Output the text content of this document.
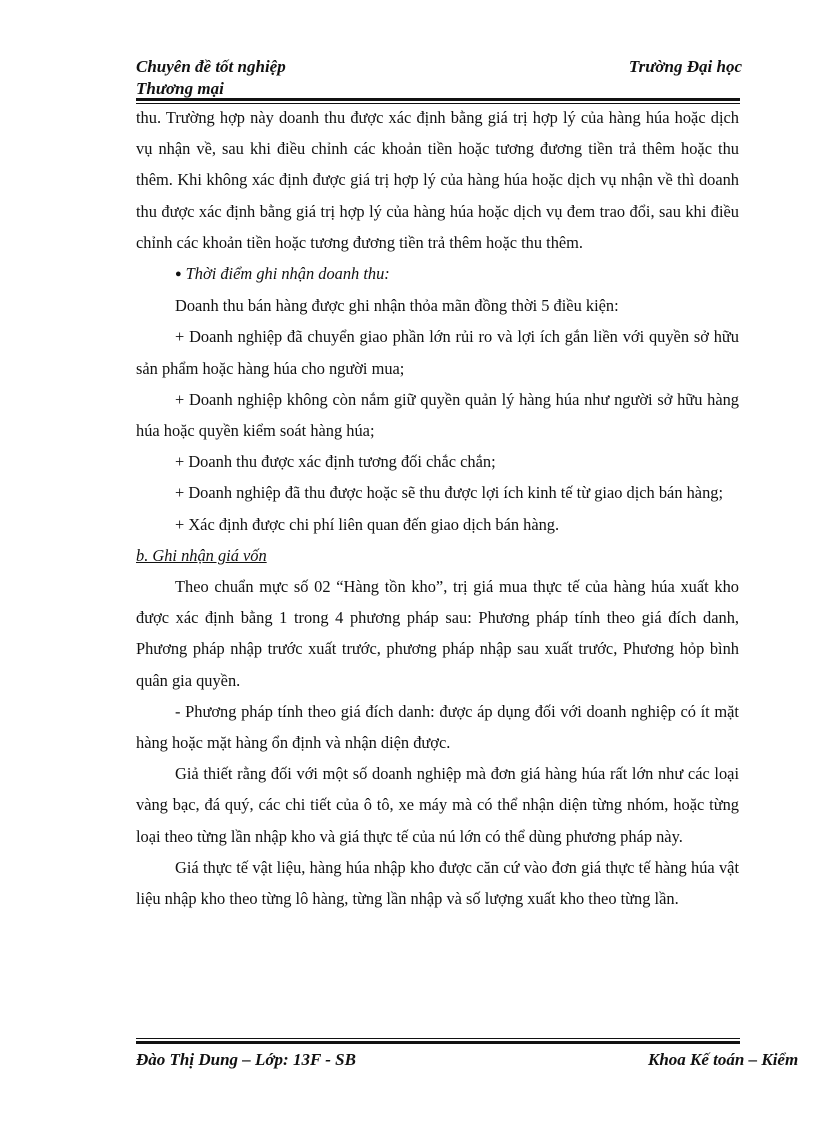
Chuyên đề tốt nghiệp
Thương mại
Trường Đại học

thu. Trường hợp này doanh thu được xác định bằng giá trị hợp lý của hàng húa hoặc dịch vụ nhận về, sau khi điều chỉnh các khoản tiền hoặc tương đương tiền trả thêm hoặc thu thêm. Khi không xác định được giá trị hợp lý của hàng húa hoặc dịch vụ nhận về thì doanh thu được xác định bằng giá trị hợp lý của hàng húa hoặc dịch vụ đem trao đổi, sau khi điều chỉnh các khoản tiền hoặc tương đương tiền trả thêm hoặc thu thêm.

● Thời điểm ghi nhận doanh thu:

Doanh thu bán hàng được ghi nhận thỏa mãn đồng thời 5 điều kiện:

+ Doanh nghiệp đã chuyển giao phần lớn rủi ro và lợi ích gắn liền với quyền sở hữu sản phẩm hoặc hàng húa cho người mua;

+ Doanh nghiệp không còn nắm giữ quyền quản lý hàng húa như người sở hữu hàng húa hoặc quyền kiểm soát hàng húa;

+ Doanh thu được xác định tương đối chắc chắn;

+ Doanh nghiệp đã thu được hoặc sẽ thu được lợi ích kinh tế từ giao dịch bán hàng;

+ Xác định được chi phí liên quan đến giao dịch bán hàng.

b. Ghi nhận giá vốn

Theo chuẩn mực số 02 “Hàng tồn kho”, trị giá mua thực tế của hàng húa xuất kho được xác định bằng 1 trong 4 phương pháp sau: Phương pháp tính theo giá đích danh, Phương pháp nhập trước xuất trước, phương pháp nhập sau xuất trước, Phương hỏp bình quân gia quyền.

- Phương pháp tính theo giá đích danh: được áp dụng đối với doanh nghiệp có ít mặt hàng hoặc mặt hàng ổn định và nhận diện được.

Giả thiết rằng đối với một số doanh nghiệp mà đơn giá hàng húa rất lớn như các loại vàng bạc, đá quý, các chi tiết của ô tô, xe máy mà có thể nhận diện từng nhóm, hoặc từng loại theo từng lần nhập kho và giá thực tế của nú lớn có thể dùng phương pháp này.

Giá thực tế vật liệu, hàng húa nhập kho được căn cứ vào đơn giá thực tế hàng húa vật liệu nhập kho theo từng lô hàng, từng lần nhập và số lượng xuất kho theo từng lần.

Đào Thị Dung – Lớp: 13F - SB	Khoa Kế toán – Kiểm
